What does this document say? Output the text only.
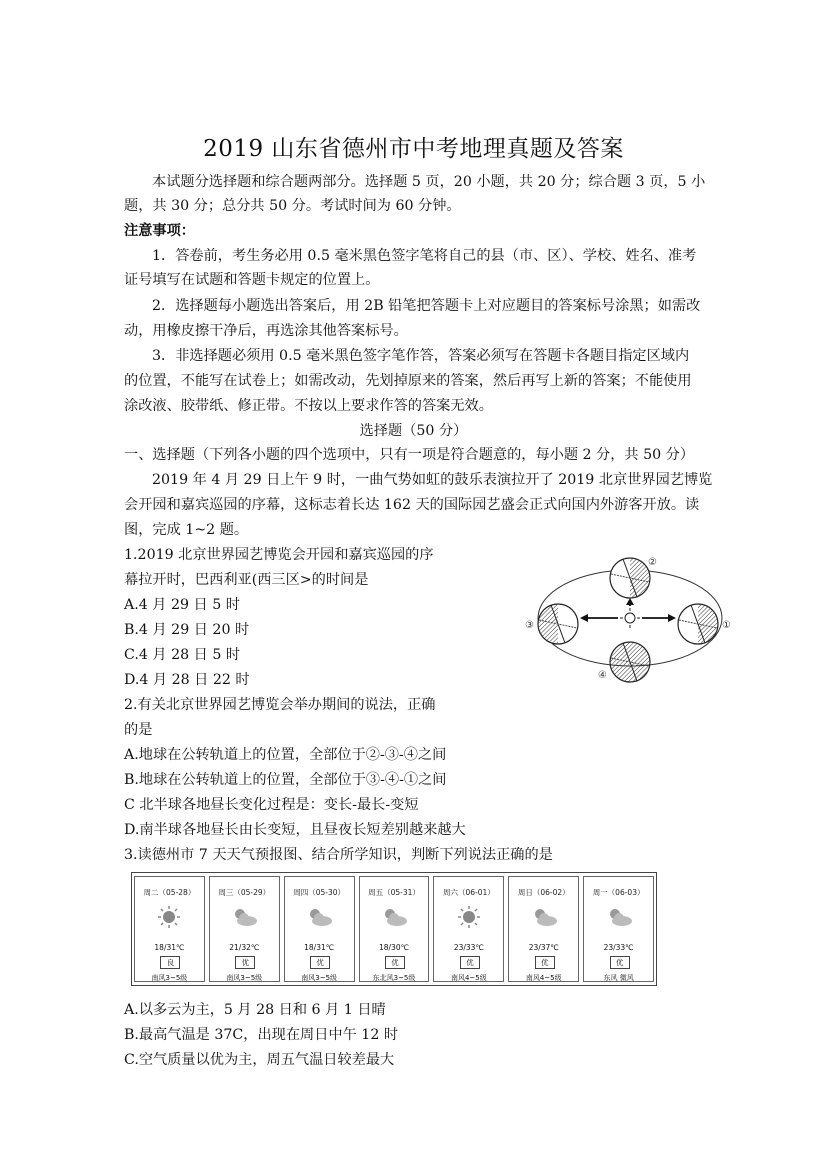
2019 山东省德州市中考地理真题及答案
本试题分选择题和综合题两部分。选择题 5 页，20 小题，共 20 分；综合题 3 页，5 小
题，共 30 分；总分共 50 分。考试时间为 60 分钟。
注意事项：
1．答卷前，考生务必用 0.5 毫米黑色签字笔将自己的县（市、区）、学校、姓名、准考
证号填写在试题和答题卡规定的位置上。
2．选择题每小题选出答案后，用 2B 铅笔把答题卡上对应题目的答案标号涂黑；如需改
动，用橡皮擦干净后，再选涂其他答案标号。
3．非选择题必须用 0.5 毫米黑色签字笔作答，答案必须写在答题卡各题目指定区域内
的位置，不能写在试卷上；如需改动，先划掉原来的答案，然后再写上新的答案；不能使用
涂改液、胶带纸、修正带。不按以上要求作答的答案无效。
选择题（50 分）
一、选择题（下列各小题的四个选项中，只有一项是符合题意的，每小题 2 分，共 50 分）
2019 年 4 月 29 日上午 9 时，一曲气势如虹的鼓乐表演拉开了 2019 北京世界园艺博览
会开园和嘉宾巡园的序幕，这标志着长达 162 天的国际园艺盛会正式向国内外游客开放。读
图，完成 1~2 题。
1.2019 北京世界园艺博览会开园和嘉宾巡园的序
幕拉开时，巴西利亚(西三区>的时间是
A.4 月 29 日 5 时
B.4 月 29 日 20 时
C.4 月 28 日 5 时
D.4 月 28 日 22 时
2.有关北京世界园艺博览会举办期间的说法，正确
的是
A.地球在公转轨道上的位置，全部位于②-③-④之间
B.地球在公转轨道上的位置，全部位于③-④-①之间
C 北半球各地昼长变化过程是：变长-最长-变短
D.南半球各地昼长由长变短，且昼夜长短差别越来越大
3.读德州市 7 天天气预报图、结合所学知识，判断下列说法正确的是
②
③	①
④
周二（05-28）
18/31℃
良
南风3~5级
周三（05-29）
21/32℃
优
南风3~5级
周四（05-30）
18/31℃
优
南风3~5级
周五（05-31）
18/30℃
优
东北风3~5级
周六（06-01）
23/33℃
优
南风4~5级
周日（06-02）
23/37℃
优
南风4~5级
周一（06-03）
23/33℃
优
东风 微风
A.以多云为主，5 月 28 日和 6 月 1 日晴
B.最高气温是 37C，出现在周日中午 12 时
C.空气质量以优为主，周五气温日较差最大
